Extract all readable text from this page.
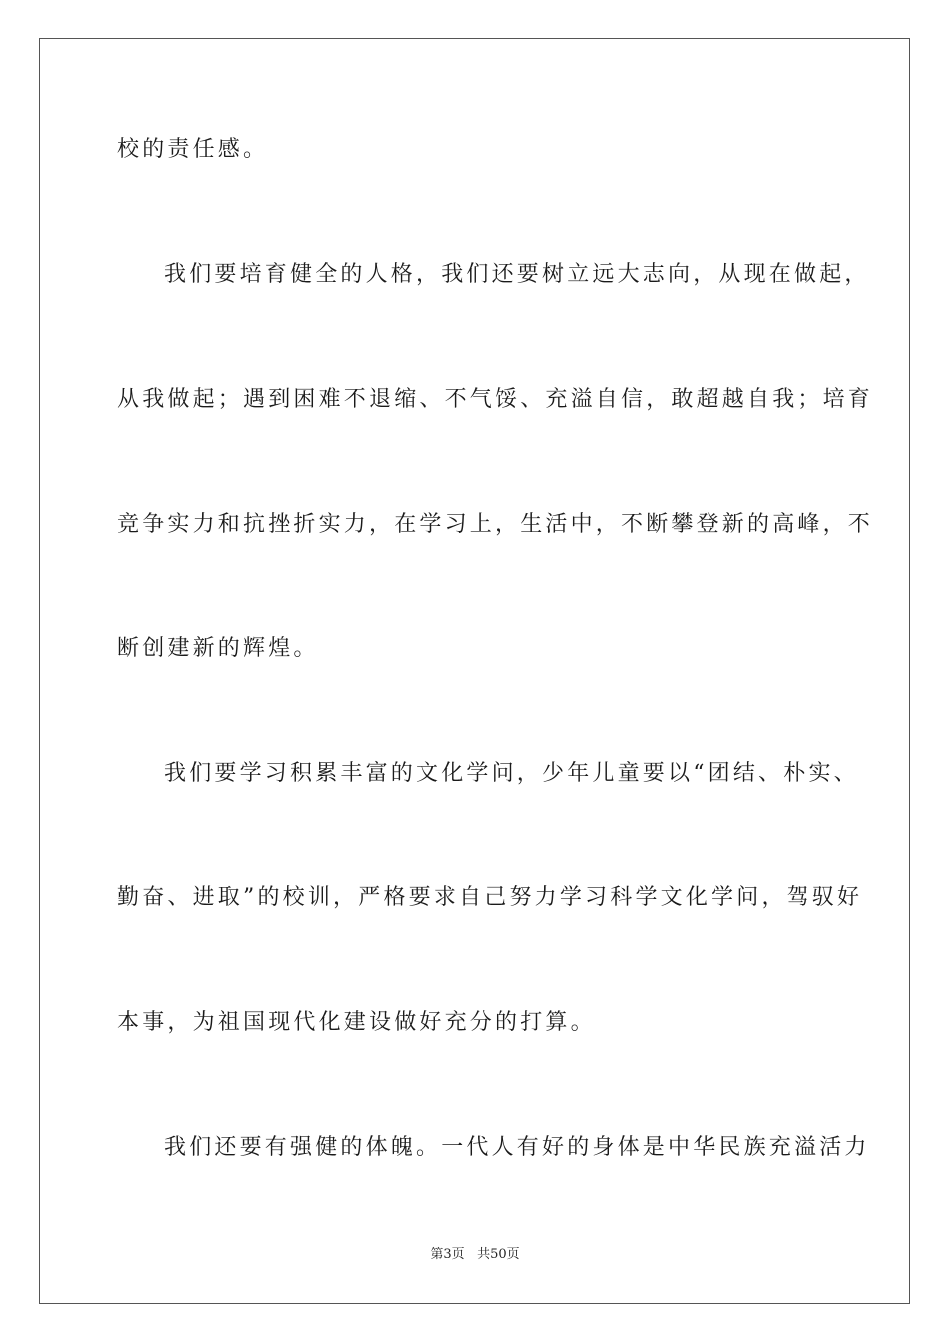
校的责任感。
我们要培育健全的人格，我们还要树立远大志向，从现在做起，
从我做起；遇到困难不退缩、不气馁、充溢自信，敢超越自我；培育
竞争实力和抗挫折实力，在学习上，生活中，不断攀登新的高峰，不
断创建新的辉煌。
我们要学习积累丰富的文化学问，少年儿童要以“团结、朴实、
勤奋、进取”的校训，严格要求自己努力学习科学文化学问，驾驭好
本事，为祖国现代化建设做好充分的打算。
我们还要有强健的体魄。一代人有好的身体是中华民族充溢活力
第3页 共50页
